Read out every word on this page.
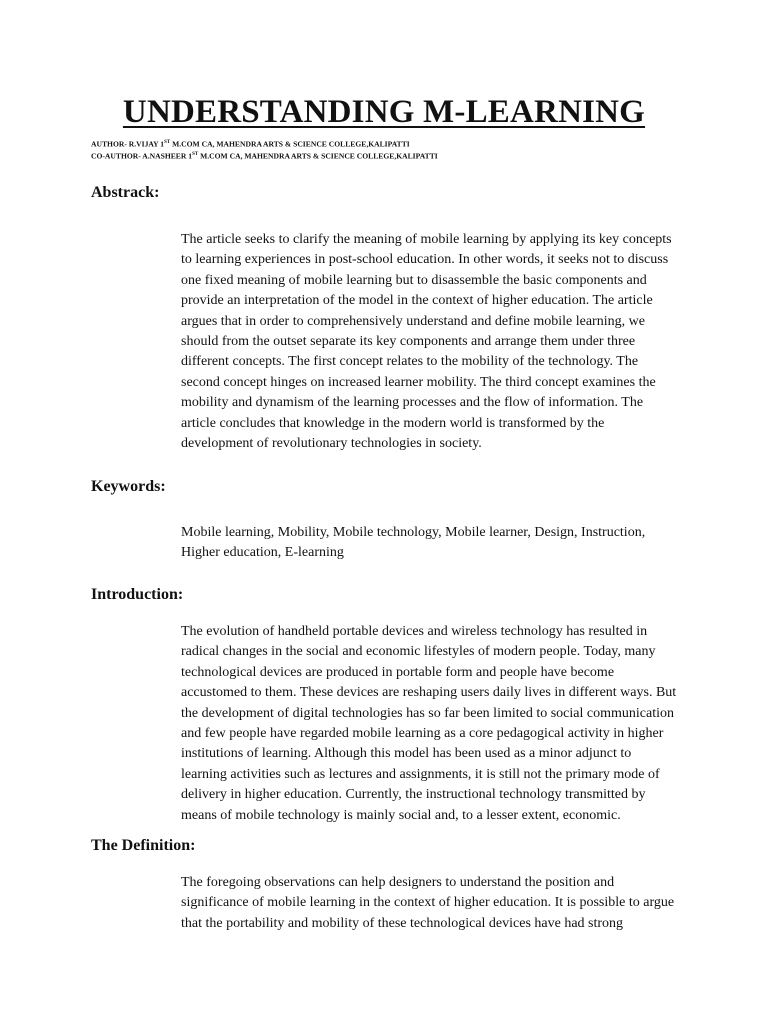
UNDERSTANDING M-LEARNING
AUTHOR- R.VIJAY 1ST M.COM CA, MAHENDRA ARTS & SCIENCE COLLEGE,KALIPATTI
CO-AUTHOR- A.NASHEER 1ST M.COM CA, MAHENDRA ARTS & SCIENCE COLLEGE,KALIPATTI
Abstrack:
The article seeks to clarify the meaning of mobile learning by applying its key concepts
to learning experiences in post-school education. In other words, it seeks not to discuss
one fixed meaning of mobile learning but to disassemble the basic components and
provide an interpretation of the model in the context of higher education. The article
argues that in order to comprehensively understand and define mobile learning, we
should from the outset separate its key components and arrange them under three
different concepts. The first concept relates to the mobility of the technology. The
second concept hinges on increased learner mobility. The third concept examines the
mobility and dynamism of the learning processes and the flow of information. The
article concludes that knowledge in the modern world is transformed by the
development of revolutionary technologies in society.
Keywords:
Mobile learning, Mobility, Mobile technology, Mobile learner, Design, Instruction,
Higher education, E-learning
Introduction:
The evolution of handheld portable devices and wireless technology has resulted in
radical changes in the social and economic lifestyles of modern people. Today, many
technological devices are produced in portable form and people have become
accustomed to them. These devices are reshaping users daily lives in different ways. But
the development of digital technologies has so far been limited to social communication
and few people have regarded mobile learning as a core pedagogical activity in higher
institutions of learning. Although this model has been used as a minor adjunct to
learning activities such as lectures and assignments, it is still not the primary mode of
delivery in higher education. Currently, the instructional technology transmitted by
means of mobile technology is mainly social and, to a lesser extent, economic.
The Definition:
The foregoing observations can help designers to understand the position and
significance of mobile learning in the context of higher education. It is possible to argue
that the portability and mobility of these technological devices have had strong
